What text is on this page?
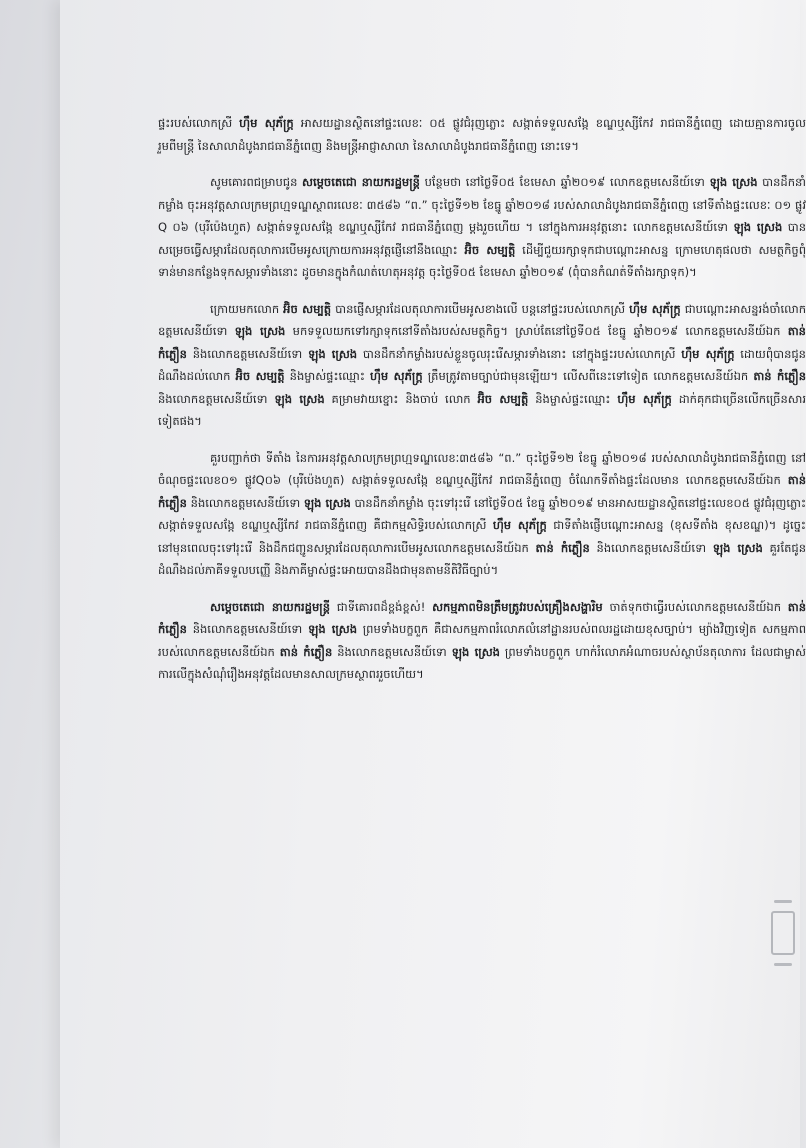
ផ្ទះរបស់លោកស្រី ហ៊ឹម សុភ័ក្រ្ត អាសយដ្ឋានស្ថិតនៅផ្ទះលេខៈ ០៥ ផ្លូវជំរុញភ្លោះ សង្កាត់ទទួលសង្កែ ខណ្ឌឬស្សីកែវ រាជធានីភ្នំពេញ ដោយគ្មានការចូលរួមពីមន្រ្តី នៃសាលាដំបូងរាជធានីភ្នំពេញ និងមន្ត្រីអាជ្ញាសាលា នៃសាលាដំបូងរាជធានីភ្នំពេញ នោះទេ។

សូមគោរពជម្រាបជូន សម្ដេចតេជោ នាយករដ្ឋមន្ត្រី បន្ថែមថា នៅថ្ងៃទី០៥ ខែមេសា ឆ្នាំ២០១៩ លោកឧត្តមសេនីយ៍ទោ ឡុង ស្រេង បានដឹកនាំកម្លាំង ចុះអនុវត្តសាលក្រមព្រហ្មទណ្ឌស្ថាពរលេខៈ ៣៥៨៦ “ព.” ចុះថ្ងៃទី១២ ខែធ្នូ ឆ្នាំ២០១៨ របស់សាលាដំបូងរាជធានីភ្នំពេញ នៅទីតាំងផ្ទះលេខៈ ០១ ផ្លូវ Q ០៦ (បុរីប៉េងហួត) សង្កាត់ទទួលសង្កែ ខណ្ឌឬស្សីកែវ រាជធានីភ្នំពេញ ម្ដងរួចហើយ ។ នៅក្នុងការអនុវត្តនោះ លោកឧត្តមសេនីយ៍ទោ ឡុង ស្រេង បានសម្រេចធ្វើសម្ភារដែលតុលាការបើមអូសក្រោយការអនុវត្តផ្ញើនៅនឹងឈ្មោះ អ៊ិច សម្បត្តិ ដើម្បីជួយរក្សាទុកជាបណ្ដោះអាសន្ន ក្រោមហេតុផលថា សមត្ថកិច្ចពុំទាន់មានកន្លែងទុកសម្ភារទាំងនោះ ដូចមានក្នុងកំណត់ហេតុអនុវត្ត ចុះថ្ងៃទី០៥ ខែមេសា ឆ្នាំ២០១៩ (ពុំបានកំណត់ទីតាំងរក្សាទុក)។

ក្រោយមកលោក អ៊ិច សម្បត្តិ បានផ្ញើសម្ភារដែលតុលាការបើមអូសខាងលើ បន្តនៅផ្ទះរបស់លោកស្រី ហ៊ឹម សុភ័ក្រ្ត ជាបណ្ដោះអាសន្នរង់ចាំលោកឧត្តមសេនីយ៍ទោ ឡុង ស្រេង មកទទួលយកទៅរក្សាទុកនៅទីតាំងរបស់សមត្ថកិច្ច។ ស្រាប់តែនៅថ្ងៃទី០៥ ខែធ្នូ ឆ្នាំ២០១៩ លោកឧត្តមសេនីយ៍ឯក តាន់ កំភ្លឿន និងលោកឧត្តមសេនីយ៍ទោ ឡុង ស្រេង បានដឹកនាំកម្លាំងរបស់ខ្លួនចូលរុះរើសម្ភារទាំងនោះ នៅក្នុងផ្ទះរបស់លោកស្រី ហ៊ឹម សុភ័ក្រ្ត ដោយពុំបានជូនដំណឹងដល់លោក អ៊ិច សម្បត្តិ និងម្ចាស់ផ្ទះឈ្មោះ ហ៊ឹម សុភ័ក្រ្ត ត្រឹមត្រូវតាមច្បាប់ជាមុនឡើយ។ លើសពីនេះទៅទៀត លោកឧត្តមសេនីយ៍ឯក តាន់ កំភ្លឿន និងលោកឧត្តមសេនីយ៍ទោ ឡុង ស្រេង គម្រាមវាយខ្នោះ និងចាប់ លោក អ៊ិច សម្បត្តិ និងម្ចាស់ផ្ទះឈ្មោះ ហ៊ឹម សុភ័ក្រ្ត ដាក់គុកជាច្រើនលើកច្រើនសារទៀតផង។

គួរបញ្ជាក់ថា ទីតាំង នៃការអនុវត្តសាលក្រមព្រហ្មទណ្ឌលេខៈ៣៥៨៦ “ព.” ចុះថ្ងៃទី១២ ខែធ្នូ ឆ្នាំ២០១៨ របស់សាលាដំបូងរាជធានីភ្នំពេញ នៅចំណុចផ្ទះលេខ០១ ផ្លូវQ០៦ (បុរីប៉េងហួត) សង្កាត់ទទួលសង្កែ ខណ្ឌឬស្សីកែវ រាជធានីភ្នំពេញ ចំណែកទីតាំងផ្ទះដែលមាន លោកឧត្តមសេនីយ៍ឯក តាន់ កំភ្លឿន និងលោកឧត្តមសេនីយ៍ទោ ឡុង ស្រេង បានដឹកនាំកម្លាំង ចុះទៅរុះរើ នៅថ្ងៃទី០៥ ខែធ្នូ ឆ្នាំ២០១៩ មានអាសយដ្ឋានស្ថិតនៅផ្ទះលេខ០៥ ផ្លូវជំរុញភ្លោះ សង្កាត់ទទួលសង្កែ ខណ្ឌឬស្សីកែវ រាជធានីភ្នំពេញ គឺជាកម្មសិទ្ធិរបស់លោកស្រី ហ៊ឹម សុភ័ក្រ្ត ជាទីតាំងផ្ញើបណ្ដោះអាសន្ន (ខុសទីតាំង ខុសខណ្ឌ)។ ដូច្នេះ នៅមុនពេលចុះទៅរុះរើ និងដឹកជញ្ជូនសម្ភារដែលតុលាការបើមអូសលោកឧត្តមសេនីយ៍ឯក តាន់ កំភ្លឿន និងលោកឧត្តមសេនីយ៍ទោ ឡុង ស្រេង គួរតែជូនដំណឹងដល់ភាគីទទួលបញ្ញើ និងភាគីម្ចាស់ផ្ទះអោយបានដឹងជាមុនតាមនីតិវិធីច្បាប់។

សម្ដេចតេជោ នាយករដ្ឋមន្ត្រី ជាទីគោរពដ៏ខ្ពង់ខ្ពស់! សកម្មភាពមិនត្រឹមត្រូវរបស់គ្រឿងសង្ហារិម ចាត់ទុកថាធ្វើរបស់លោកឧត្តមសេនីយ៍ឯក តាន់ កំភ្លឿន និងលោកឧត្តមសេនីយ៍ទោ ឡុង ស្រេង ព្រមទាំងបក្ខពួក គឺជាសកម្មភាពរំលោភលំនៅដ្ឋានរបស់ពលរដ្ឋដោយខុសច្បាប់។ ម្យ៉ាងវិញទៀត សកម្មភាពរបស់លោកឧត្តមសេនីយ៍ឯក តាន់ កំភ្លឿន និងលោកឧត្តមសេនីយ៍ទោ ឡុង ស្រេង ព្រមទាំងបក្ខពួក ហាក់រំលោភអំណាចរបស់ស្ថាប័នតុលាការ ដែលជាម្ចាស់ការលើក្នុងសំណុំរឿងអនុវត្តដែលមានសាលក្រមស្ថាពររួចហើយ។
